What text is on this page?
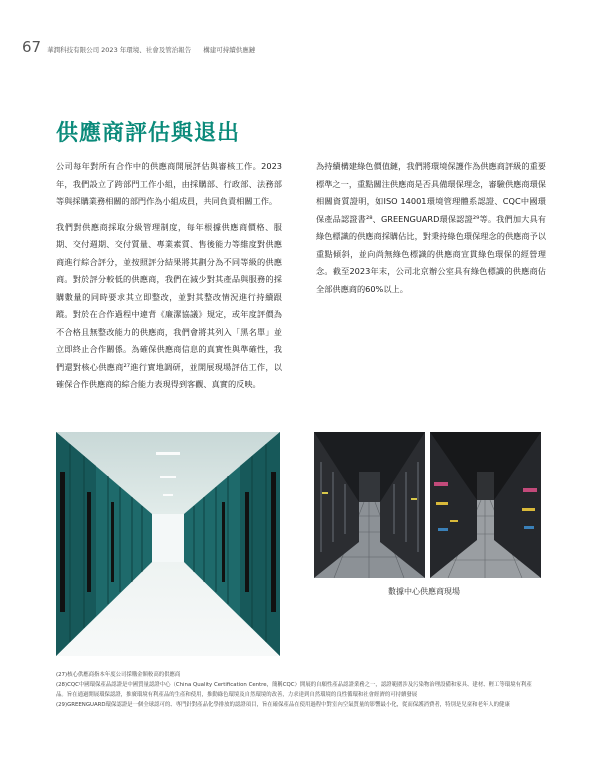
67 華潤科技有限公司 2023 年環境、社會及管治報告 構建可持續供應鏈
供應商評估與退出

公司每年對所有合作中的供應商開展評估與審核工作。2023年，我們設立了跨部門工作小組，由採購部、行政部、法務部等與採購業務相關的部門作為小組成員，共同負責相關工作。

我們對供應商採取分級管理制度，每年根據供應商價格、服期、交付週期、交付質量、專業素質、售後能力等維度對供應商進行綜合評分，並按照評分結果將其劃分為不同等級的供應商。對於評分較低的供應商，我們在減少對其產品與服務的採購數量的同時要求其立即整改，並對其整改情況進行持續跟蹤。對於在合作過程中違背《廉潔協議》規定，或年度評價為不合格且無整改能力的供應商，我們會將其列入「黑名單」並立即終止合作關係。為確保供應商信息的真實性與準確性，我們還對核心供應商²⁷進行實地調研，並開展現場評估工作，以確保合作供應商的綜合能力表現得到客觀、真實的反映。

為持續構建綠色價值鏈，我們將環境保護作為供應商評級的重要標準之一，重點關注供應商是否具備環保理念，審驗供應商環保相關資質證明，如ISO 14001環境管理體系認證、CQC中國環保產品認證書²⁸、GREENGUARD環保認證²⁹等。我們加大具有綠色標識的供應商採購佔比，對秉持綠色環保理念的供應商予以重點傾斜，並向尚無綠色標識的供應商宣貫綠色環保的經營理念。截至2023年末，公司北京辦公室具有綠色標識的供應商佔全部供應商的60%以上。

數據中心供應商現場
(27)核心供應商指本年度公司採購金額較高的供應商
(28)CQC中國環保產品認證是中國質量認證中心（China Quality Certification Centre，簡稱CQC）開展的自願性產品認證業務之一，認證範圍涉及污染物治理設備和家具、建材、輕工等環境有利產品。旨在通過開展環保認證，推廣環境有利產品的生產和使用，推動綠色環境及自然環境的改善，力求達到自然環境的良性循環和社會經濟的可持續發展
(29)GREENGUARD環保認證是一個全球認可的、專門針對產品化學排放的認證項目，旨在確保產品在使用過程中對室內空氣質量的影響最小化，從而保護消費者，特別是兒童和老年人的健康
